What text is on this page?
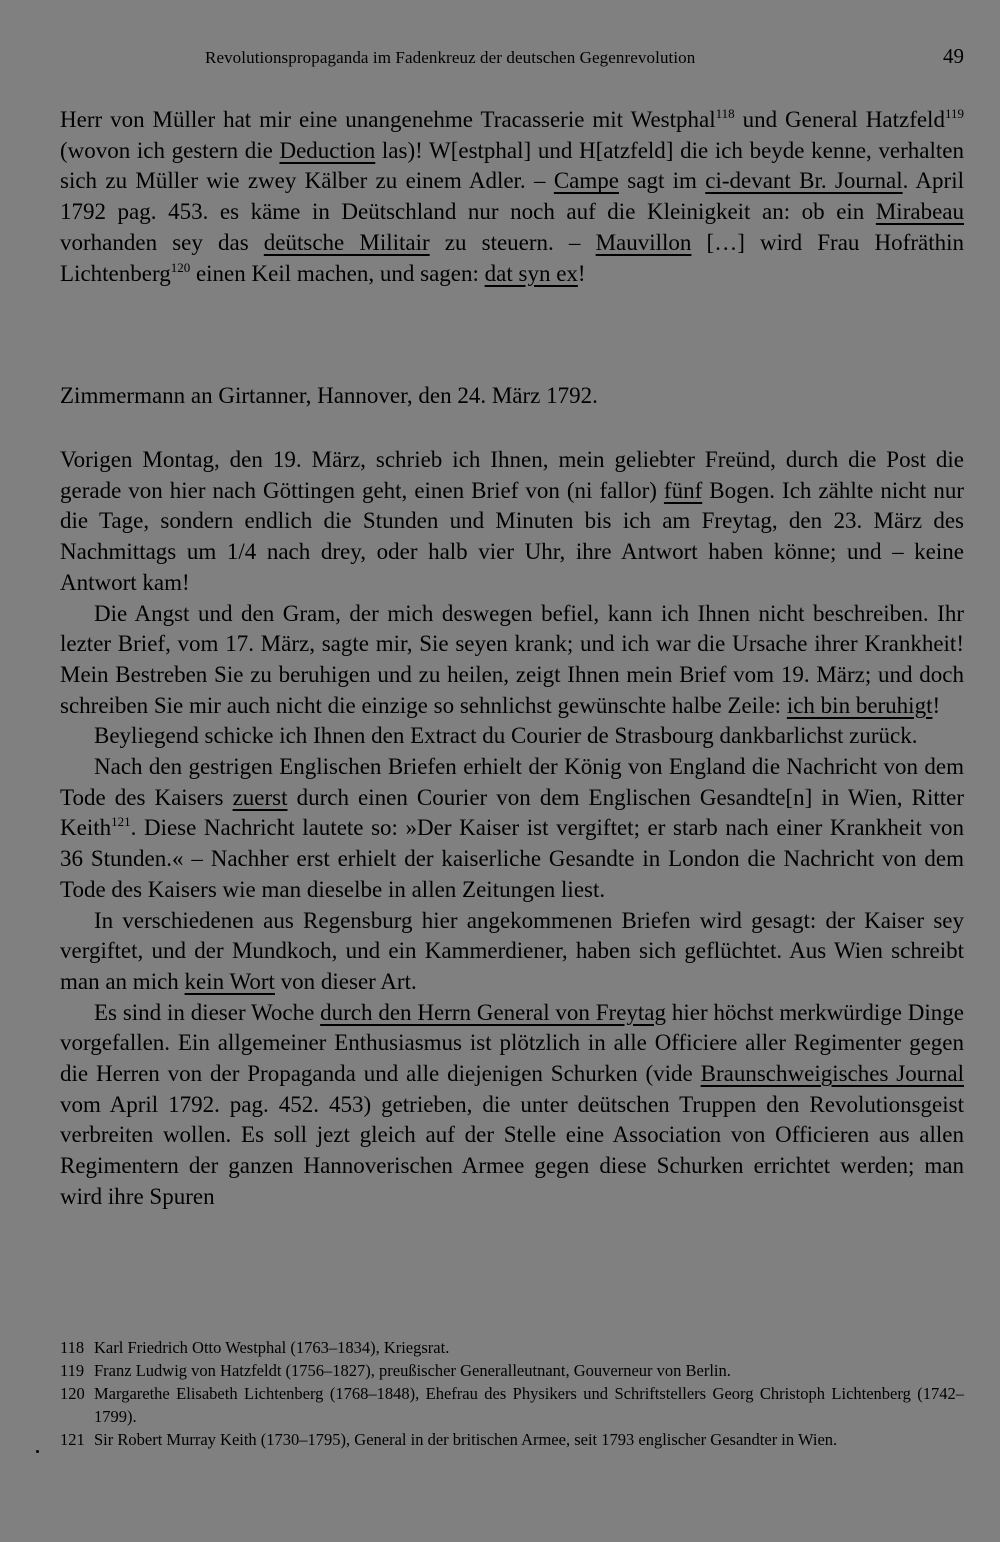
Revolutionspropaganda im Fadenkreuz der deutschen Gegenrevolution	49

Herr von Müller hat mir eine unangenehme Tracasserie mit Westphal$^{118}$ und General Hatzfeld$^{119}$ (wovon ich gestern die Deduction las)! W[estphal] und H[atzfeld] die ich beyde kenne, verhalten sich zu Müller wie zwey Kälber zu einem Adler. – Campe sagt im ci-devant Br. Journal. April 1792 pag. 453. es käme in Deütschland nur noch auf die Kleinigkeit an: ob ein Mirabeau vorhanden sey das deütsche Militair zu steuern. – Mauvillon […] wird Frau Hofräthin Lichtenberg$^{120}$ einen Keil machen, und sagen: dat syn ex!

Zimmermann an Girtanner, Hannover, den 24. März 1792.

Vorigen Montag, den 19. März, schrieb ich Ihnen, mein geliebter Freünd, durch die Post die gerade von hier nach Göttingen geht, einen Brief von (ni fallor) fünf Bogen. Ich zählte nicht nur die Tage, sondern endlich die Stunden und Minuten bis ich am Freytag, den 23. März des Nachmittags um 1/4 nach drey, oder halb vier Uhr, ihre Antwort haben könne; und – keine Antwort kam!

Die Angst und den Gram, der mich deswegen befiel, kann ich Ihnen nicht beschreiben. Ihr lezter Brief, vom 17. März, sagte mir, Sie seyen krank; und ich war die Ursache ihrer Krankheit! Mein Bestreben Sie zu beruhigen und zu heilen, zeigt Ihnen mein Brief vom 19. März; und doch schreiben Sie mir auch nicht die einzige so sehnlichst gewünschte halbe Zeile: ich bin beruhigt!

Beyliegend schicke ich Ihnen den Extract du Courier de Strasbourg dankbarlichst zurück.

Nach den gestrigen Englischen Briefen erhielt der König von England die Nachricht von dem Tode des Kaisers zuerst durch einen Courier von dem Englischen Gesandte[n] in Wien, Ritter Keith$^{121}$. Diese Nachricht lautete so: »Der Kaiser ist vergiftet; er starb nach einer Krankheit von 36 Stunden.« – Nachher erst erhielt der kaiserliche Gesandte in London die Nachricht von dem Tode des Kaisers wie man dieselbe in allen Zeitungen liest.

In verschiedenen aus Regensburg hier angekommenen Briefen wird gesagt: der Kaiser sey vergiftet, und der Mundkoch, und ein Kammerdiener, haben sich geflüchtet. Aus Wien schreibt man an mich kein Wort von dieser Art.

Es sind in dieser Woche durch den Herrn General von Freytag hier höchst merkwürdige Dinge vorgefallen. Ein allgemeiner Enthusiasmus ist plötzlich in alle Officiere aller Regimenter gegen die Herren von der Propaganda und alle diejenigen Schurken (vide Braunschweigisches Journal vom April 1792. pag. 452. 453) getrieben, die unter deütschen Truppen den Revolutionsgeist verbreiten wollen. Es soll jezt gleich auf der Stelle eine Association von Officieren aus allen Regimentern der ganzen Hannoverischen Armee gegen diese Schurken errichtet werden; man wird ihre Spuren

118 Karl Friedrich Otto Westphal (1763–1834), Kriegsrat.
119 Franz Ludwig von Hatzfeldt (1756–1827), preußischer Generalleutnant, Gouverneur von Berlin.
120 Margarethe Elisabeth Lichtenberg (1768–1848), Ehefrau des Physikers und Schriftstellers Georg Christoph Lichtenberg (1742–1799).
121 Sir Robert Murray Keith (1730–1795), General in der britischen Armee, seit 1793 englischer Gesandter in Wien.
